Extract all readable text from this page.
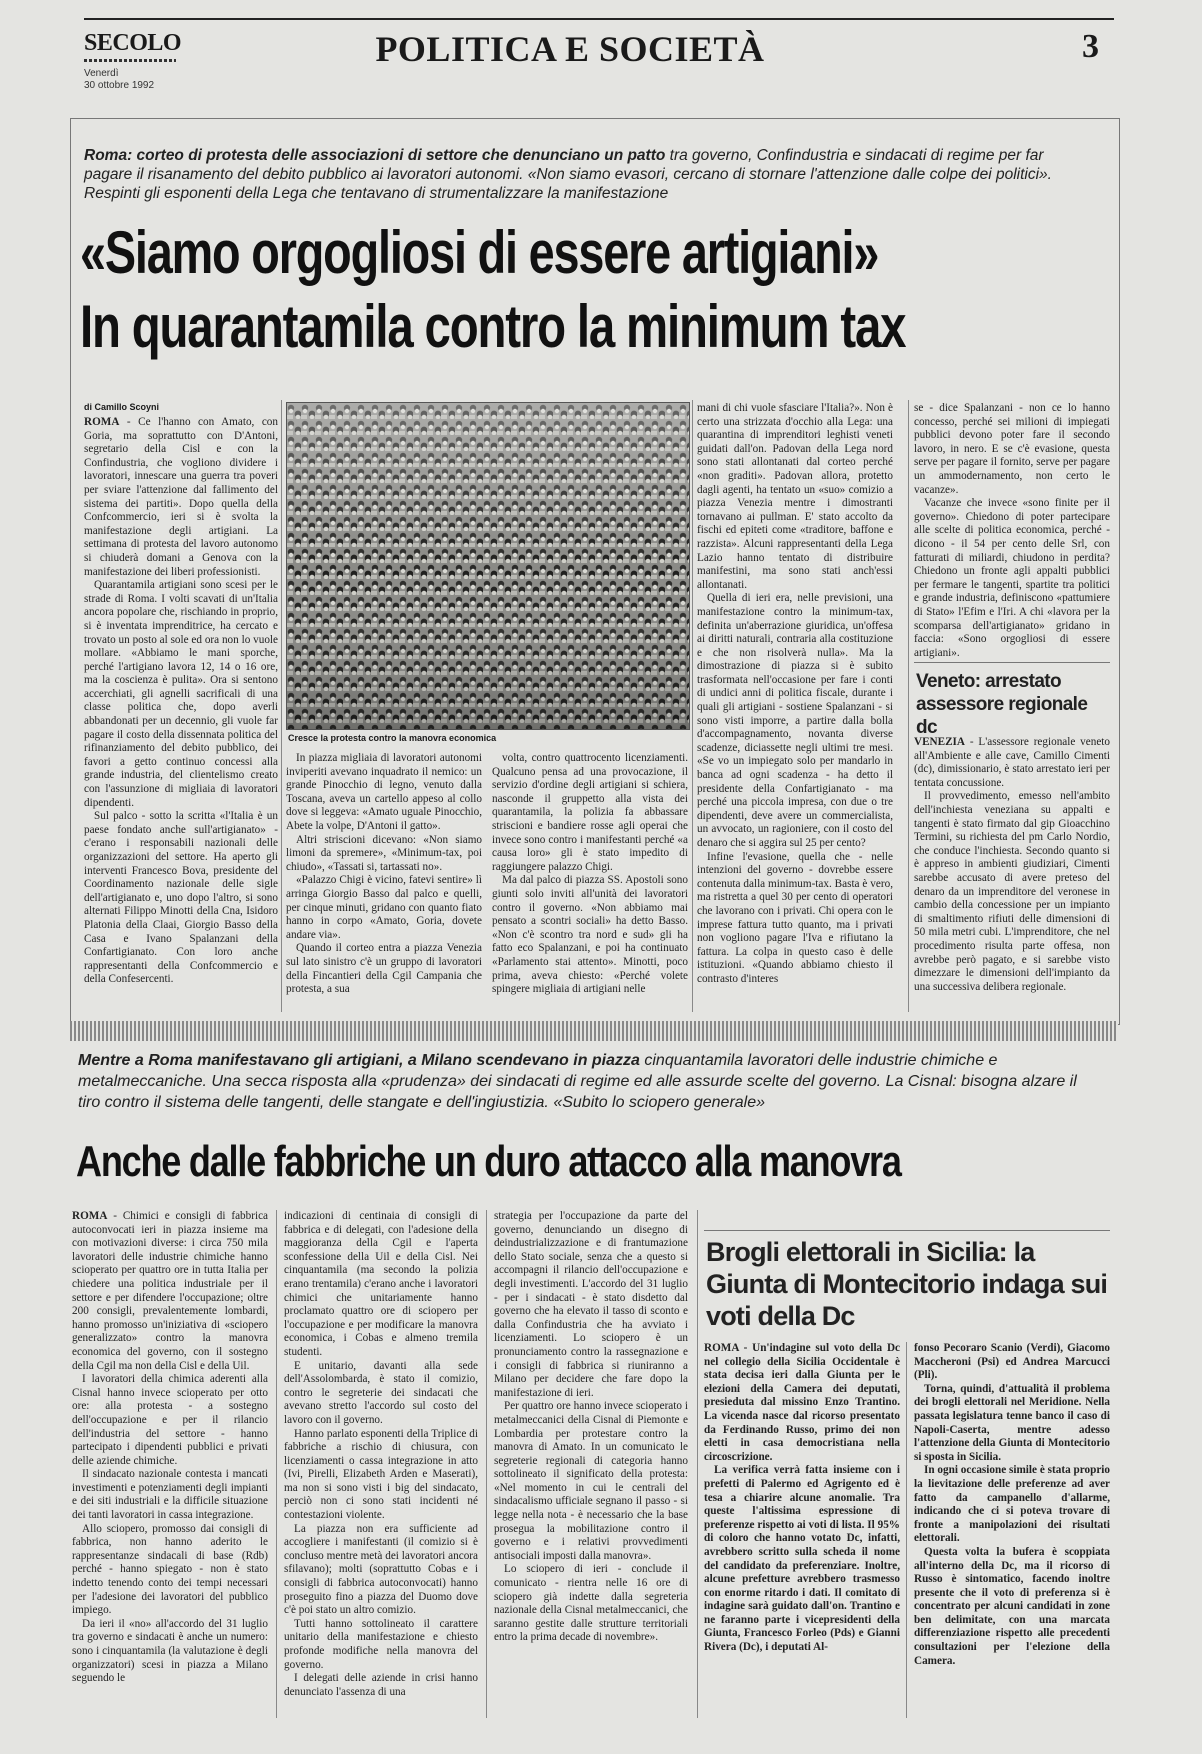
SECOLO
Venerdì
30 ottobre 1992
POLITICA E SOCIETÀ	3
Roma: corteo di protesta delle associazioni di settore che denunciano un patto tra governo, Confindustria e sindacati di regime per far pagare il risanamento del debito pubblico ai lavoratori autonomi. «Non siamo evasori, cercano di stornare l'attenzione dalle colpe dei politici». Respinti gli esponenti della Lega che tentavano di strumentalizzare la manifestazione
«Siamo orgogliosi di essere artigiani»
In quarantamila contro la minimum tax
di Camillo Scoyni

ROMA - Ce l'hanno con Amato, con Goria, ma soprattutto con D'Antoni, segretario della Cisl e con la Confindustria, che vogliono dividere i lavoratori, innescare una guerra tra poveri per sviare l'attenzione dal fallimento del sistema dei partiti». Dopo quella della Confcommercio, ieri si è svolta la manifestazione degli artigiani. La settimana di protesta del lavoro autonomo si chiuderà domani a Genova con la manifestazione dei liberi professionisti.

Quarantamila artigiani sono scesi per le strade di Roma. I volti scavati di un'Italia ancora popolare che, rischiando in proprio, si è inventata imprenditrice, ha cercato e trovato un posto al sole ed ora non lo vuole mollare. «Abbiamo le mani sporche, perché l'artigiano lavora 12, 14 o 16 ore, ma la coscienza è pulita». Ora si sentono accerchiati, gli agnelli sacrificali di una classe politica che, dopo averli abbandonati per un decennio, gli vuole far pagare il costo della dissennata politica del rifinanziamento del debito pubblico, dei favori a getto continuo concessi alla grande industria, del clientelismo creato con l'assunzione di migliaia di lavoratori dipendenti.

Sul palco - sotto la scritta «l'Italia è un paese fondato anche sull'artigianato» - c'erano i responsabili nazionali delle organizzazioni del settore. Ha aperto gli interventi Francesco Bova, presidente del Coordinamento nazionale delle sigle dell'artigianato e, uno dopo l'altro, si sono alternati Filippo Minotti della Cna, Isidoro Platonia della Claai, Giorgio Basso della Casa e Ivano Spalanzani della Confartigianato. Con loro anche rappresentanti della Confcommercio e della Confesercenti.

Cresce la protesta contro la manovra economica

In piazza migliaia di lavoratori autonomi inviperiti avevano inquadrato il nemico: un grande Pinocchio di legno, venuto dalla Toscana, aveva un cartello appeso al collo dove si leggeva: «Amato uguale Pinocchio, Abete la volpe, D'Antoni il gatto».

Altri striscioni dicevano: «Non siamo limoni da spremere», «Minimum-tax, poi chiudo», «Tassati si, tartassati no».

«Palazzo Chigi è vicino, fatevi sentire» lì arringa Giorgio Basso dal palco e quelli, per cinque minuti, gridano con quanto fiato hanno in corpo «Amato, Goria, dovete andare via».

Quando il corteo entra a piazza Venezia sul lato sinistro c'è un gruppo di lavoratori della Fincantieri della Cgil Campania che protesta, a sua

volta, contro quattrocento licenziamenti. Qualcuno pensa ad una provocazione, il servizio d'ordine degli artigiani si schiera, nasconde il gruppetto alla vista dei quarantamila, la polizia fa abbassare striscioni e bandiere rosse agli operai che invece sono contro i manifestanti perché «a causa loro» gli è stato impedito di raggiungere palazzo Chigi.

Ma dal palco di piazza SS. Apostoli sono giunti solo inviti all'unità dei lavoratori contro il governo. «Non abbiamo mai pensato a scontri sociali» ha detto Basso. «Non c'è scontro tra nord e sud» gli ha fatto eco Spalanzani, e poi ha continuato «Parlamento stai attento». Minotti, poco prima, aveva chiesto: «Perché volete spingere migliaia di artigiani nelle

mani di chi vuole sfasciare l'Italia?». Non è certo una strizzata d'occhio alla Lega: una quarantina di imprenditori leghisti veneti guidati dall'on. Padovan della Lega nord sono stati allontanati dal corteo perché «non graditi». Padovan allora, protetto dagli agenti, ha tentato un «suo» comizio a piazza Venezia mentre i dimostranti tornavano ai pullman. E' stato accolto da fischi ed epiteti come «traditore, baffone e razzista». Alcuni rappresentanti della Lega Lazio hanno tentato di distribuire manifestini, ma sono stati anch'essi allontanati.

Quella di ieri era, nelle previsioni, una manifestazione contro la minimum-tax, definita un'aberrazione giuridica, un'offesa ai diritti naturali, contraria alla costituzione e che non risolverà nulla». Ma la dimostrazione di piazza si è subito trasformata nell'occasione per fare i conti di undici anni di politica fiscale, durante i quali gli artigiani - sostiene Spalanzani - si sono visti imporre, a partire dalla bolla d'accompagnamento, novanta diverse scadenze, diciassette negli ultimi tre mesi. «Se vo un impiegato solo per mandarlo in banca ad ogni scadenza - ha detto il presidente della Confartigianato - ma perché una piccola impresa, con due o tre dipendenti, deve avere un commercialista, un avvocato, un ragioniere, con il costo del denaro che si aggira sul 25 per cento?

Infine l'evasione, quella che - nelle intenzioni del governo - dovrebbe essere contenuta dalla minimum-tax. Basta è vero, ma ristretta a quel 30 per cento di operatori che lavorano con i privati. Chi opera con le imprese fattura tutto quanto, ma i privati non vogliono pagare l'Iva e rifiutano la fattura. La colpa in questo caso è delle istituzioni. «Quando abbiamo chiesto il contrasto d'interes

se - dice Spalanzani - non ce lo hanno concesso, perché sei milioni di impiegati pubblici devono poter fare il secondo lavoro, in nero. E se c'è evasione, questa serve per pagare il fornito, serve per pagare un ammodernamento, non certo le vacanze».

Vacanze che invece «sono finite per il governo». Chiedono di poter partecipare alle scelte di politica economica, perché - dicono - il 54 per cento delle Srl, con fatturati di miliardi, chiudono in perdita? Chiedono un fronte agli appalti pubblici per fermare le tangenti, spartite tra politici e grande industria, definiscono «pattumiere di Stato» l'Efim e l'Iri. A chi «lavora per la scomparsa dell'artigianato» gridano in faccia: «Sono orgogliosi di essere artigiani».

Veneto: arrestato assessore regionale dc

VENEZIA - L'assessore regionale veneto all'Ambiente e alle cave, Camillo Cimenti (dc), dimissionario, è stato arrestato ieri per tentata concussione.

Il provvedimento, emesso nell'ambito dell'inchiesta veneziana su appalti e tangenti è stato firmato dal gip Gioacchino Termini, su richiesta del pm Carlo Nordio, che conduce l'inchiesta. Secondo quanto si è appreso in ambienti giudiziari, Cimenti sarebbe accusato di avere preteso del denaro da un imprenditore del veronese in cambio della concessione per un impianto di smaltimento rifiuti delle dimensioni di 50 mila metri cubi. L'imprenditore, che nel procedimento risulta parte offesa, non avrebbe però pagato, e si sarebbe visto dimezzare le dimensioni dell'impianto da una successiva delibera regionale.

Mentre a Roma manifestavano gli artigiani, a Milano scendevano in piazza cinquantamila lavoratori delle industrie chimiche e metalmeccaniche. Una secca risposta alla «prudenza» dei sindacati di regime ed alle assurde scelte del governo. La Cisnal: bisogna alzare il tiro contro il sistema delle tangenti, delle stangate e dell'ingiustizia. «Subito lo sciopero generale»
Anche dalle fabbriche un duro attacco alla manovra

ROMA - Chimici e consigli di fabbrica autoconvocati ieri in piazza insieme ma con motivazioni diverse: i circa 750 mila lavoratori delle industrie chimiche hanno scioperato per quattro ore in tutta Italia per chiedere una politica industriale per il settore e per difendere l'occupazione; oltre 200 consigli, prevalentemente lombardi, hanno promosso un'iniziativa di «sciopero generalizzato» contro la manovra economica del governo, con il sostegno della Cgil ma non della Cisl e della Uil.

I lavoratori della chimica aderenti alla Cisnal hanno invece scioperato per otto ore: alla protesta - a sostegno dell'occupazione e per il rilancio dell'industria del settore - hanno partecipato i dipendenti pubblici e privati delle aziende chimiche.

Il sindacato nazionale contesta i mancati investimenti e potenziamenti degli impianti e dei siti industriali e la difficile situazione dei tanti lavoratori in cassa integrazione.

Allo sciopero, promosso dai consigli di fabbrica, non hanno aderito le rappresentanze sindacali di base (Rdb) perché - hanno spiegato - non è stato indetto tenendo conto dei tempi necessari per l'adesione dei lavoratori del pubblico impiego.

Da ieri il «no» all'accordo del 31 luglio tra governo e sindacati è anche un numero: sono i cinquantamila (la valutazione è degli organizzatori) scesi in piazza a Milano seguendo le

indicazioni di centinaia di consigli di fabbrica e di delegati, con l'adesione della maggioranza della Cgil e l'aperta sconfessione della Uil e della Cisl. Nei cinquantamila (ma secondo la polizia erano trentamila) c'erano anche i lavoratori chimici che unitariamente hanno proclamato quattro ore di sciopero per l'occupazione e per modificare la manovra economica, i Cobas e almeno tremila studenti.

E unitario, davanti alla sede dell'Assolombarda, è stato il comizio, contro le segreterie dei sindacati che avevano stretto l'accordo sul costo del lavoro con il governo.

Hanno parlato esponenti della Triplice di fabbriche a rischio di chiusura, con licenziamenti o cassa integrazione in atto (Ivi, Pirelli, Elizabeth Arden e Maserati), ma non si sono visti i big del sindacato, perciò non ci sono stati incidenti né contestazioni violente.

La piazza non era sufficiente ad accogliere i manifestanti (il comizio si è concluso mentre metà dei lavoratori ancora sfilavano); molti (soprattutto Cobas e i consigli di fabbrica autoconvocati) hanno proseguito fino a piazza del Duomo dove c'è poi stato un altro comizio.

Tutti hanno sottolineato il carattere unitario della manifestazione e chiesto profonde modifiche nella manovra del governo.

I delegati delle aziende in crisi hanno denunciato l'assenza di una

strategia per l'occupazione da parte del governo, denunciando un disegno di deindustrializzazione e di frantumazione dello Stato sociale, senza che a questo si accompagni il rilancio dell'occupazione e degli investimenti. L'accordo del 31 luglio - per i sindacati - è stato disdetto dal governo che ha elevato il tasso di sconto e dalla Confindustria che ha avviato i licenziamenti. Lo sciopero è un pronunciamento contro la rassegnazione e i consigli di fabbrica si riuniranno a Milano per decidere che fare dopo la manifestazione di ieri.

Per quattro ore hanno invece scioperato i metalmeccanici della Cisnal di Piemonte e Lombardia per protestare contro la manovra di Amato. In un comunicato le segreterie regionali di categoria hanno sottolineato il significato della protesta: «Nel momento in cui le centrali del sindacalismo ufficiale segnano il passo - si legge nella nota - è necessario che la base prosegua la mobilitazione contro il governo e i relativi provvedimenti antisociali imposti dalla manovra».

Lo sciopero di ieri - conclude il comunicato - rientra nelle 16 ore di sciopero già indette dalla segreteria nazionale della Cisnal metalmeccanici, che saranno gestite dalle strutture territoriali entro la prima decade di novembre».

Brogli elettorali in Sicilia: la Giunta di Montecitorio indaga sui voti della Dc

ROMA - Un'indagine sul voto della Dc nel collegio della Sicilia Occidentale è stata decisa ieri dalla Giunta per le elezioni della Camera dei deputati, presieduta dal missino Enzo Trantino. La vicenda nasce dal ricorso presentato da Ferdinando Russo, primo dei non eletti in casa democristiana nella circoscrizione.

La verifica verrà fatta insieme con i prefetti di Palermo ed Agrigento ed è tesa a chiarire alcune anomalie. Tra queste l'altissima espressione di preferenze rispetto ai voti di lista. Il 95% di coloro che hanno votato Dc, infatti, avrebbero scritto sulla scheda il nome del candidato da preferenziare. Inoltre, alcune prefetture avrebbero trasmesso con enorme ritardo i dati. Il comitato di indagine sarà guidato dall'on. Trantino e ne faranno parte i vicepresidenti della Giunta, Francesco Forleo (Pds) e Gianni Rivera (Dc), i deputati Al-

fonso Pecoraro Scanio (Verdi), Giacomo Maccheroni (Psi) ed Andrea Marcucci (Pli).

Torna, quindi, d'attualità il problema dei brogli elettorali nel Meridione. Nella passata legislatura tenne banco il caso di Napoli-Caserta, mentre adesso l'attenzione della Giunta di Montecitorio si sposta in Sicilia.

In ogni occasione simile è stata proprio la lievitazione delle preferenze ad aver fatto da campanello d'allarme, indicando che ci si poteva trovare di fronte a manipolazioni dei risultati elettorali.

Questa volta la bufera è scoppiata all'interno della Dc, ma il ricorso di Russo è sintomatico, facendo inoltre presente che il voto di preferenza si è concentrato per alcuni candidati in zone ben delimitate, con una marcata differenziazione rispetto alle precedenti consultazioni per l'elezione della Camera.
